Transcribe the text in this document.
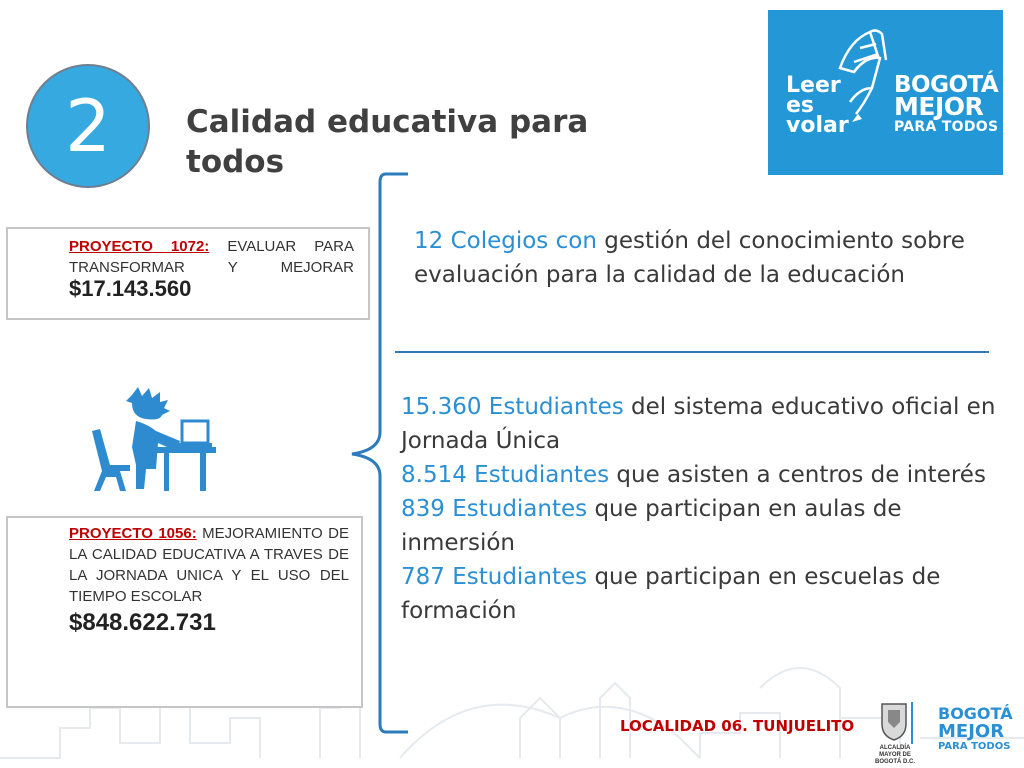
2	Calidad educativa para todos
Leer
es
volar
BOGOTÁ
MEJOR
PARA TODOS
PROYECTO 1072: EVALUAR PARA TRANSFORMAR Y MEJORAR $17.143.560
PROYECTO 1056: MEJORAMIENTO DE LA CALIDAD EDUCATIVA A TRAVES DE LA JORNADA UNICA Y EL USO DEL TIEMPO ESCOLAR
$848.622.731
12 Colegios con gestión del conocimiento sobre evaluación para la calidad de la educación

15.360 Estudiantes del sistema educativo oficial en Jornada Única

8.514 Estudiantes que asisten a centros de interés

839 Estudiantes que participan en aulas de inmersión

787 Estudiantes que participan en escuelas de formación

LOCALIDAD 06. TUNJUELITO
ALCALDÍA MAYOR DE BOGOTÁ D.C.
BOGOTÁ
MEJOR
PARA TODOS
